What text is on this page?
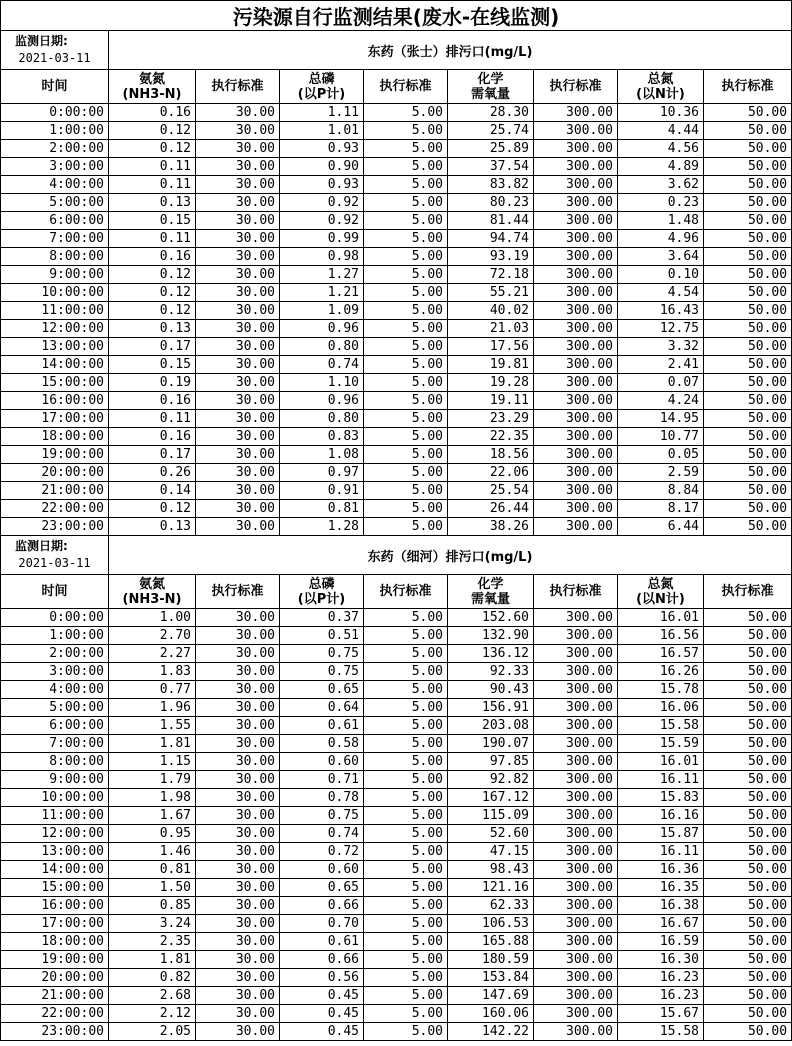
污染源自行监测结果(废水-在线监测)								

监测日期:
2021-03-11	东药（张士）排污口(mg/L)							
时间	氨氮
(NH3-N)	执行标准	总磷
(以P计)	执行标准	化学
需氧量	执行标准	总氮
(以N计)	执行标准
0:00:00	0.16	30.00	1.11	5.00	28.30	300.00	10.36	50.00
1:00:00	0.12	30.00	1.01	5.00	25.74	300.00	4.44	50.00
2:00:00	0.12	30.00	0.93	5.00	25.89	300.00	4.56	50.00
3:00:00	0.11	30.00	0.90	5.00	37.54	300.00	4.89	50.00
4:00:00	0.11	30.00	0.93	5.00	83.82	300.00	3.62	50.00
5:00:00	0.13	30.00	0.92	5.00	80.23	300.00	0.23	50.00
6:00:00	0.15	30.00	0.92	5.00	81.44	300.00	1.48	50.00
7:00:00	0.11	30.00	0.99	5.00	94.74	300.00	4.96	50.00
8:00:00	0.16	30.00	0.98	5.00	93.19	300.00	3.64	50.00
9:00:00	0.12	30.00	1.27	5.00	72.18	300.00	0.10	50.00
10:00:00	0.12	30.00	1.21	5.00	55.21	300.00	4.54	50.00
11:00:00	0.12	30.00	1.09	5.00	40.02	300.00	16.43	50.00
12:00:00	0.13	30.00	0.96	5.00	21.03	300.00	12.75	50.00
13:00:00	0.17	30.00	0.80	5.00	17.56	300.00	3.32	50.00
14:00:00	0.15	30.00	0.74	5.00	19.81	300.00	2.41	50.00
15:00:00	0.19	30.00	1.10	5.00	19.28	300.00	0.07	50.00
16:00:00	0.16	30.00	0.96	5.00	19.11	300.00	4.24	50.00
17:00:00	0.11	30.00	0.80	5.00	23.29	300.00	14.95	50.00
18:00:00	0.16	30.00	0.83	5.00	22.35	300.00	10.77	50.00
19:00:00	0.17	30.00	1.08	5.00	18.56	300.00	0.05	50.00
20:00:00	0.26	30.00	0.97	5.00	22.06	300.00	2.59	50.00
21:00:00	0.14	30.00	0.91	5.00	25.54	300.00	8.84	50.00
22:00:00	0.12	30.00	0.81	5.00	26.44	300.00	8.17	50.00
23:00:00	0.13	30.00	1.28	5.00	38.26	300.00	6.44	50.00

监测日期:
2021-03-11	东药（细河）排污口(mg/L)							
时间	氨氮
(NH3-N)	执行标准	总磷
(以P计)	执行标准	化学
需氧量	执行标准	总氮
(以N计)	执行标准
0:00:00	1.00	30.00	0.37	5.00	152.60	300.00	16.01	50.00
1:00:00	2.70	30.00	0.51	5.00	132.90	300.00	16.56	50.00
2:00:00	2.27	30.00	0.75	5.00	136.12	300.00	16.57	50.00
3:00:00	1.83	30.00	0.75	5.00	92.33	300.00	16.26	50.00
4:00:00	0.77	30.00	0.65	5.00	90.43	300.00	15.78	50.00
5:00:00	1.96	30.00	0.64	5.00	156.91	300.00	16.06	50.00
6:00:00	1.55	30.00	0.61	5.00	203.08	300.00	15.58	50.00
7:00:00	1.81	30.00	0.58	5.00	190.07	300.00	15.59	50.00
8:00:00	1.15	30.00	0.60	5.00	97.85	300.00	16.01	50.00
9:00:00	1.79	30.00	0.71	5.00	92.82	300.00	16.11	50.00
10:00:00	1.98	30.00	0.78	5.00	167.12	300.00	15.83	50.00
11:00:00	1.67	30.00	0.75	5.00	115.09	300.00	16.16	50.00
12:00:00	0.95	30.00	0.74	5.00	52.60	300.00	15.87	50.00
13:00:00	1.46	30.00	0.72	5.00	47.15	300.00	16.11	50.00
14:00:00	0.81	30.00	0.60	5.00	98.43	300.00	16.36	50.00
15:00:00	1.50	30.00	0.65	5.00	121.16	300.00	16.35	50.00
16:00:00	0.85	30.00	0.66	5.00	62.33	300.00	16.38	50.00
17:00:00	3.24	30.00	0.70	5.00	106.53	300.00	16.67	50.00
18:00:00	2.35	30.00	0.61	5.00	165.88	300.00	16.59	50.00
19:00:00	1.81	30.00	0.66	5.00	180.59	300.00	16.30	50.00
20:00:00	0.82	30.00	0.56	5.00	153.84	300.00	16.23	50.00
21:00:00	2.68	30.00	0.45	5.00	147.69	300.00	16.23	50.00
22:00:00	2.12	30.00	0.45	5.00	160.06	300.00	15.67	50.00
23:00:00	2.05	30.00	0.45	5.00	142.22	300.00	15.58	50.00
